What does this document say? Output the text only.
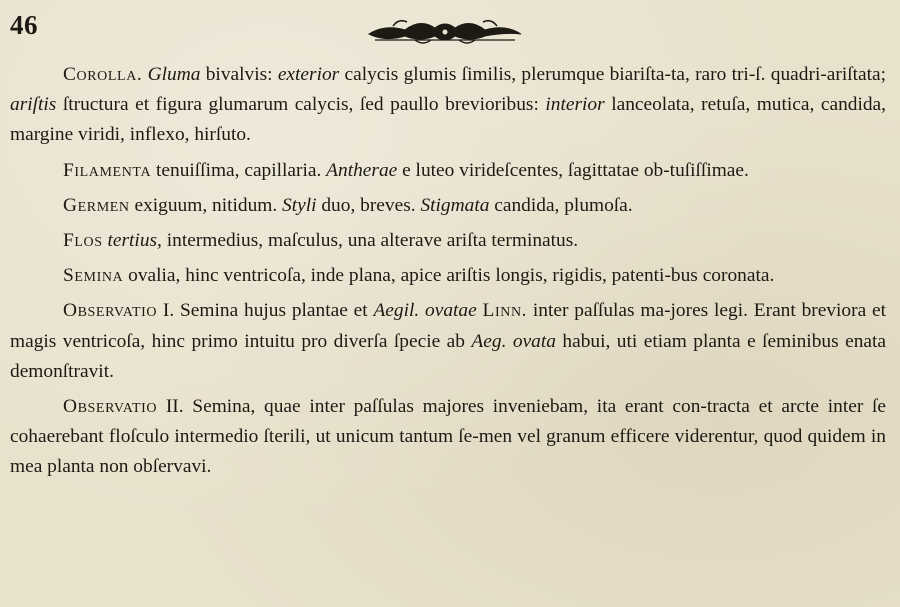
46

Corolla. Gluma bivalvis: exterior calycis glumis ſimilis, plerumque biariſta-ta, raro tri-ſ. quadri-ariſtata; ariſtis ſtructura et figura glumarum calycis, ſed paullo brevioribus: interior lanceolata, retuſa, mutica, candida, margine viridi, inflexo, hirſuto.

Filamenta tenuiſſima, capillaria. Antherae e luteo virideſcentes, ſagittatae ob-tuſiſſimae.

Germen exiguum, nitidum. Styli duo, breves. Stigmata candida, plumoſa.

Flos tertius, intermedius, maſculus, una alterave ariſta terminatus.

Semina ovalia, hinc ventricoſa, inde plana, apice ariſtis longis, rigidis, patenti-bus coronata.

Observatio I. Semina hujus plantae et Aegil. ovatae Linn. inter paſſulas ma-jores legi. Erant breviora et magis ventricoſa, hinc primo intuitu pro diverſa ſpecie ab Aeg. ovata habui, uti etiam planta e ſeminibus enata demonſtravit.

Observatio II. Semina, quae inter paſſulas majores inveniebam, ita erant con-tracta et arcte inter ſe cohaerebant floſculo intermedio ſterili, ut unicum tantum ſe-men vel granum efficere viderentur, quod quidem in mea planta non obſervavi.
